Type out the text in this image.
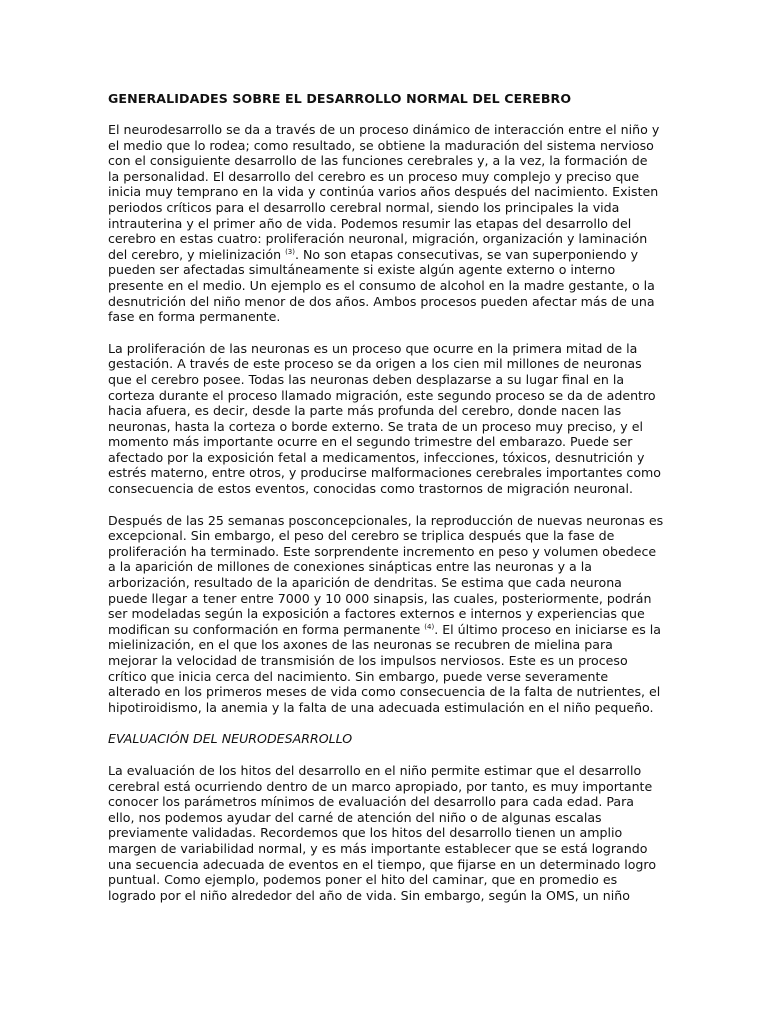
GENERALIDADES SOBRE EL DESARROLLO NORMAL DEL CEREBRO

El neurodesarrollo se da a través de un proceso dinámico de interacción entre el niño y
el medio que lo rodea; como resultado, se obtiene la maduración del sistema nervioso
con el consiguiente desarrollo de las funciones cerebrales y, a la vez, la formación de
la personalidad. El desarrollo del cerebro es un proceso muy complejo y preciso que
inicia muy temprano en la vida y continúa varios años después del nacimiento. Existen
periodos críticos para el desarrollo cerebral normal, siendo los principales la vida
intrauterina y el primer año de vida. Podemos resumir las etapas del desarrollo del
cerebro en estas cuatro: proliferación neuronal, migración, organización y laminación
del cerebro, y mielinización $^{(3)}$. No son etapas consecutivas, se van superponiendo y
pueden ser afectadas simultáneamente si existe algún agente externo o interno
presente en el medio. Un ejemplo es el consumo de alcohol en la madre gestante, o la
desnutrición del niño menor de dos años. Ambos procesos pueden afectar más de una
fase en forma permanente.

La proliferación de las neuronas es un proceso que ocurre en la primera mitad de la
gestación. A través de este proceso se da origen a los cien mil millones de neuronas
que el cerebro posee. Todas las neuronas deben desplazarse a su lugar final en la
corteza durante el proceso llamado migración, este segundo proceso se da de adentro
hacia afuera, es decir, desde la parte más profunda del cerebro, donde nacen las
neuronas, hasta la corteza o borde externo. Se trata de un proceso muy preciso, y el
momento más importante ocurre en el segundo trimestre del embarazo. Puede ser
afectado por la exposición fetal a medicamentos, infecciones, tóxicos, desnutrición y
estrés materno, entre otros, y producirse malformaciones cerebrales importantes como
consecuencia de estos eventos, conocidas como trastornos de migración neuronal.

Después de las 25 semanas posconcepcionales, la reproducción de nuevas neuronas es
excepcional. Sin embargo, el peso del cerebro se triplica después que la fase de
proliferación ha terminado. Este sorprendente incremento en peso y volumen obedece
a la aparición de millones de conexiones sinápticas entre las neuronas y a la
arborización, resultado de la aparición de dendritas. Se estima que cada neurona
puede llegar a tener entre 7000 y 10 000 sinapsis, las cuales, posteriormente, podrán
ser modeladas según la exposición a factores externos e internos y experiencias que
modifican su conformación en forma permanente $^{(4)}$. El último proceso en iniciarse es la
mielinización, en el que los axones de las neuronas se recubren de mielina para
mejorar la velocidad de transmisión de los impulsos nerviosos. Este es un proceso
crítico que inicia cerca del nacimiento. Sin embargo, puede verse severamente
alterado en los primeros meses de vida como consecuencia de la falta de nutrientes, el
hipotiroidismo, la anemia y la falta de una adecuada estimulación en el niño pequeño.

EVALUACIÓN DEL NEURODESARROLLO

La evaluación de los hitos del desarrollo en el niño permite estimar que el desarrollo
cerebral está ocurriendo dentro de un marco apropiado, por tanto, es muy importante
conocer los parámetros mínimos de evaluación del desarrollo para cada edad. Para
ello, nos podemos ayudar del carné de atención del niño o de algunas escalas
previamente validadas. Recordemos que los hitos del desarrollo tienen un amplio
margen de variabilidad normal, y es más importante establecer que se está logrando
una secuencia adecuada de eventos en el tiempo, que fijarse en un determinado logro
puntual. Como ejemplo, podemos poner el hito del caminar, que en promedio es
logrado por el niño alrededor del año de vida. Sin embargo, según la OMS, un niño
